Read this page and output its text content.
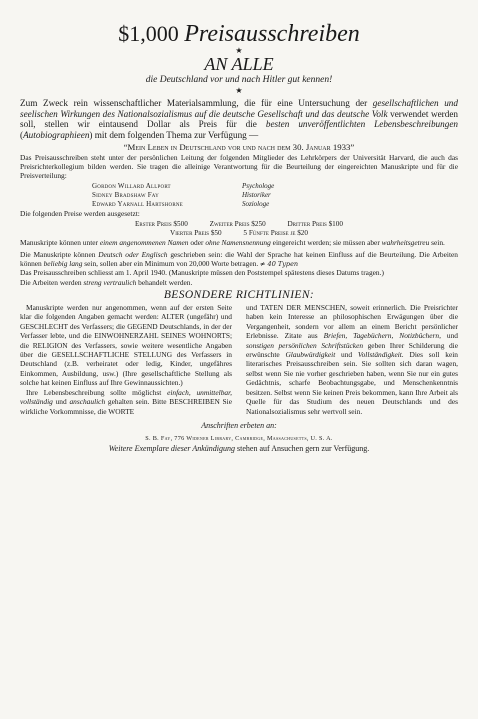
$1,000 Preisausschreiben
★
AN ALLE
die Deutschland vor und nach Hitler gut kennen!
★
Zum Zweck rein wissenschaftlicher Materialsammlung, die für eine Untersuchung der gesellschaftlichen und seelischen Wirkungen des Nationalsozialismus auf die deutsche Gesellschaft und das deutsche Volk verwendet werden soll, stellen wir eintausend Dollar als Preis für die besten unveröffentlichten Lebensbeschreibungen (Autobiographieen) mit dem folgenden Thema zur Verfügung —
“Mein Leben in Deutschland vor und nach dem 30. Januar 1933”
Das Preisausschreiben steht unter der persönlichen Leitung der folgenden Mitglieder des Lehrkörpers der Universität Harvard, die auch das Preisrichterkollegium bilden werden. Sie tragen die alleinige Verantwortung für die Beurteilung der eingereichten Manuskripte und für die Preisverteilung:
Gordon Willard Allport	Psychologe
Sidney Bradshaw Fay	Historiker
Edward Yarnall Hartshorne	Soziologe
Die folgenden Preise werden ausgesetzt:
Erster Preis $500	Zweiter Preis $250	Dritter Preis $100
Vierter Preis $50	5 Fünfte Preise je $20
Manuskripte können unter einem angenommenen Namen oder ohne Namensnennung eingereicht werden; sie müssen aber wahrheitsgetreu sein.
Die Manuskripte können Deutsch oder Englisch geschrieben sein: die Wahl der Sprache hat keinen Einfluss auf die Beurteilung. Die Arbeiten können beliebig lang sein, sollen aber ein Minimum von 20,000 Worte betragen. ≠ 40 Typen
Das Preisausschreiben schliesst am 1. April 1940. (Manuskripte müssen den Poststempel spätestens dieses Datums tragen.)
Die Arbeiten werden streng vertraulich behandelt werden.
BESONDERE RICHTLINIEN:

Manuskripte werden nur angenommen, wenn auf der ersten Seite klar die folgenden Angaben gemacht werden: ALTER (ungefähr) und GESCHLECHT des Verfassers; die GEGEND Deutschlands, in der der Verfasser lebte, und die EINWOHNERZAHL SEINES WOHNORTS; die RELIGION des Verfassers, sowie weitere wesentliche Angaben über die GESELLSCHAFTLICHE STELLUNG des Verfassers in Deutschland (z.B. verheiratet oder ledig, Kinder, ungefähres Einkommen, Ausbildung, usw.) (Ihre gesellschaftliche Stellung als solche hat keinen Einfluss auf Ihre Gewinnaussichten.)

Ihre Lebensbeschreibung sollte möglichst einfach, unmittelbar, vollständig und anschaulich gehalten sein. Bitte BESCHREIBEN Sie wirkliche Vorkommnisse, die WORTE

und TATEN DER MENSCHEN, soweit erinnerlich. Die Preisrichter haben kein Interesse an philosophischen Erwägungen über die Vergangenheit, sondern vor allem an einem Bericht persönlicher Erlebnisse. Zitate aus Briefen, Tagebüchern, Notizbüchern, und sonstigen persönlichen Schriftstücken geben Ihrer Schilderung die erwünschte Glaubwürdigkeit und Vollständigkeit. Dies soll kein literarisches Preisausschreiben sein. Sie sollten sich daran wagen, selbst wenn Sie nie vorher geschrieben haben, wenn Sie nur ein gutes Gedächtnis, scharfe Beobachtungsgabe, und Menschenkenntnis besitzen. Selbst wenn Sie keinen Preis bekommen, kann Ihre Arbeit als Quelle für das Studium des neuen Deutschlands und des Nationalsozialismus sehr wertvoll sein.

Anschriften erbeten an:
S. B. Fay, 776 Widener Library, Cambridge, Massachusetts, U. S. A.
Weitere Exemplare dieser Ankündigung stehen auf Ansuchen gern zur Verfügung.
